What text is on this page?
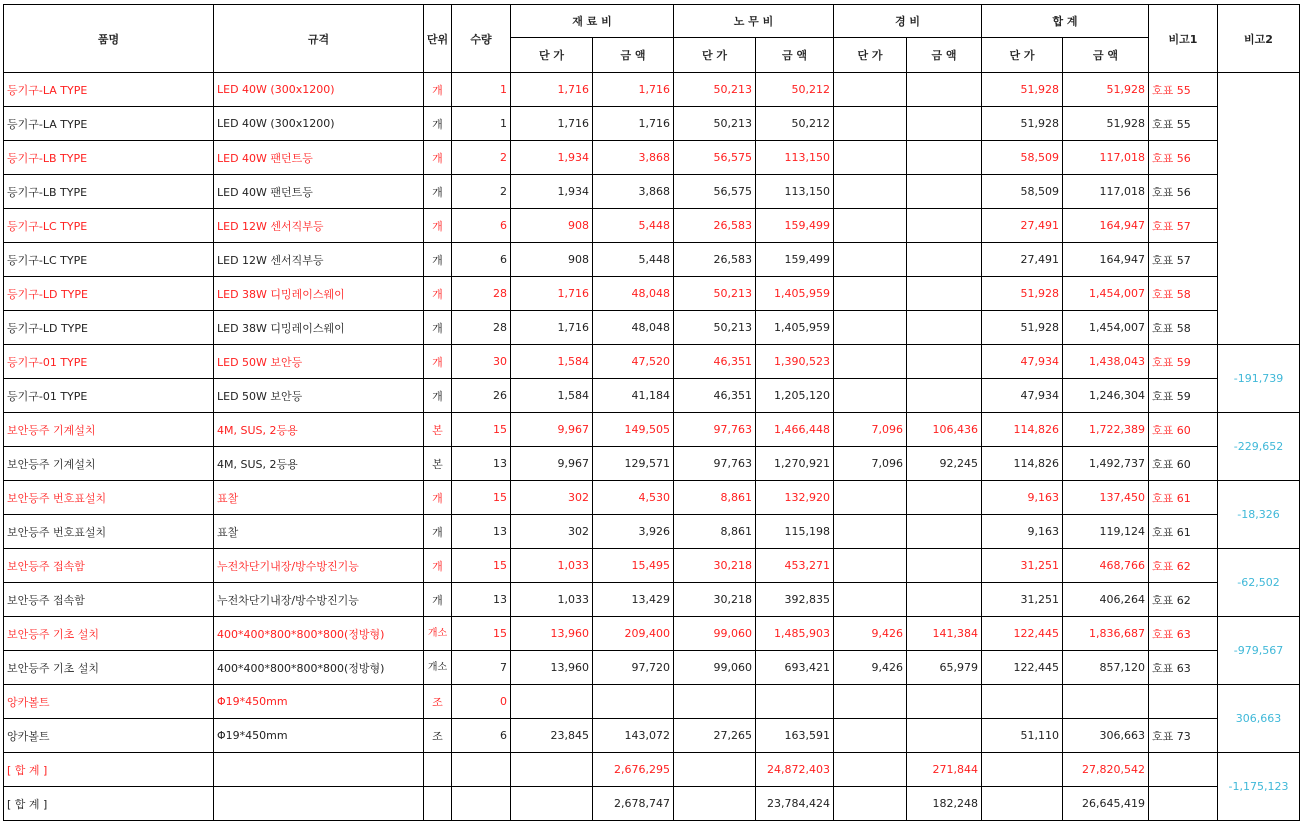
품명	규격	단위	수량	재 료 비		노 무 비		경 비		합 계		비고1	비고2
				단 가	금 액	단 가	금 액	단 가	금 액	단 가	금 액		
등기구-LA TYPE	LED 40W (300x1200)	개	1	1,716	1,716	50,213	50,212			51,928	51,928	호표 55	
등기구-LA TYPE	LED 40W (300x1200)	개	1	1,716	1,716	50,213	50,212			51,928	51,928	호표 55	
등기구-LB TYPE	LED 40W 팬던트등	개	2	1,934	3,868	56,575	113,150			58,509	117,018	호표 56	
등기구-LB TYPE	LED 40W 팬던트등	개	2	1,934	3,868	56,575	113,150			58,509	117,018	호표 56	
등기구-LC TYPE	LED 12W 센서직부등	개	6	908	5,448	26,583	159,499			27,491	164,947	호표 57	
등기구-LC TYPE	LED 12W 센서직부등	개	6	908	5,448	26,583	159,499			27,491	164,947	호표 57	
등기구-LD TYPE	LED 38W 디밍레이스웨이	개	28	1,716	48,048	50,213	1,405,959			51,928	1,454,007	호표 58	
등기구-LD TYPE	LED 38W 디밍레이스웨이	개	28	1,716	48,048	50,213	1,405,959			51,928	1,454,007	호표 58	
등기구-01 TYPE	LED 50W 보안등	개	30	1,584	47,520	46,351	1,390,523			47,934	1,438,043	호표 59	-191,739
등기구-01 TYPE	LED 50W 보안등	개	26	1,584	41,184	46,351	1,205,120			47,934	1,246,304	호표 59	
보안등주 기계설치	4M, SUS, 2등용	본	15	9,967	149,505	97,763	1,466,448	7,096	106,436	114,826	1,722,389	호표 60	-229,652
보안등주 기계설치	4M, SUS, 2등용	본	13	9,967	129,571	97,763	1,270,921	7,096	92,245	114,826	1,492,737	호표 60	
보안등주 번호표설치	표찰	개	15	302	4,530	8,861	132,920			9,163	137,450	호표 61	-18,326
보안등주 번호표설치	표찰	개	13	302	3,926	8,861	115,198			9,163	119,124	호표 61	
보안등주 접속함	누전차단기내장/방수방진기능	개	15	1,033	15,495	30,218	453,271			31,251	468,766	호표 62	-62,502
보안등주 접속함	누전차단기내장/방수방진기능	개	13	1,033	13,429	30,218	392,835			31,251	406,264	호표 62	
보안등주 기초 설치	400*400*800*800*800(정방형)	개소	15	13,960	209,400	99,060	1,485,903	9,426	141,384	122,445	1,836,687	호표 63	-979,567
보안등주 기초 설치	400*400*800*800*800(정방형)	개소	7	13,960	97,720	99,060	693,421	9,426	65,979	122,445	857,120	호표 63	
앙카볼트	Φ19*450mm	조	0										306,663
앙카볼트	Φ19*450mm	조	6	23,845	143,072	27,265	163,591			51,110	306,663	호표 73	
[ 합 계 ]					2,676,295		24,872,403		271,844		27,820,542		-1,175,123
[ 합 계 ]					2,678,747		23,784,424		182,248		26,645,419		
